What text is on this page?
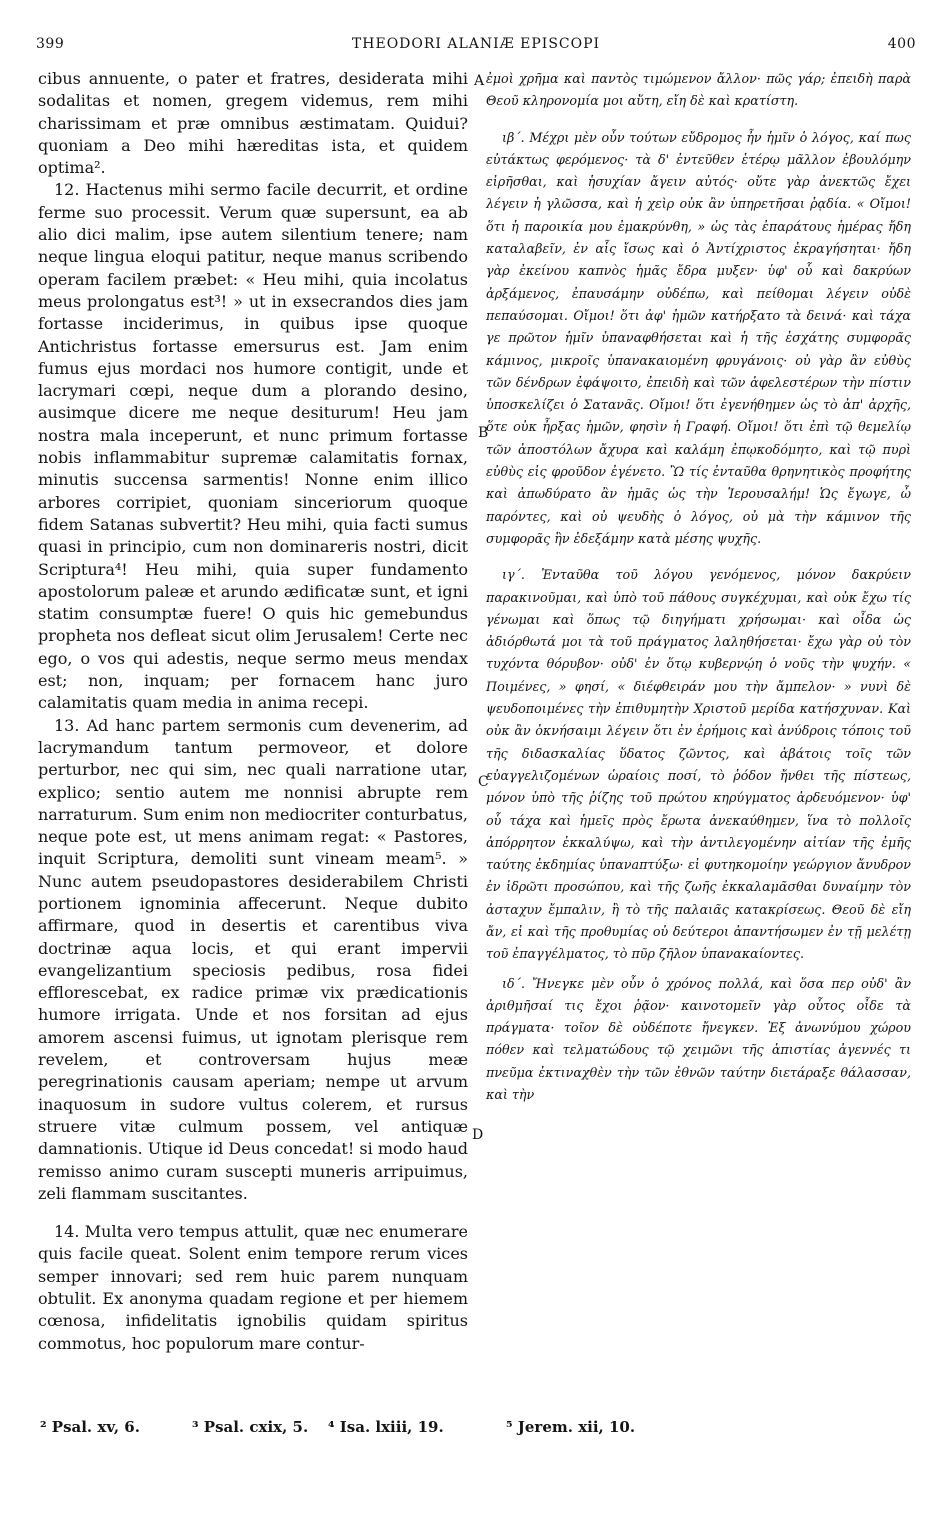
399	THEODORI ALANIÆ EPISCOPI	400
A
B
C
D

cibus annuente, o pater et fratres, desiderata mihi sodalitas et nomen, gregem videmus, rem mihi charissimam et præ omnibus æstimatam. Quidui? quoniam a Deo mihi hæreditas ista, et quidem optima².

12. Hactenus mihi sermo facile decurrit, et ordine ferme suo processit. Verum quæ supersunt, ea ab alio dici malim, ipse autem silentium tenere; nam neque lingua eloqui patitur, neque manus scribendo operam facilem præbet: « Heu mihi, quia incolatus meus prolongatus est³! » ut in exsecrandos dies jam fortasse inciderimus, in quibus ipse quoque Antichristus fortasse emersurus est. Jam enim fumus ejus mordaci nos humore contigit, unde et lacrymari cœpi, neque dum a plorando desino, ausimque dicere me neque desiturum! Heu jam nostra mala inceperunt, et nunc primum fortasse nobis inflammabitur supremæ calamitatis fornax, minutis succensa sarmentis! Nonne enim illico arbores corripiet, quoniam sinceriorum quoque fidem Satanas subvertit? Heu mihi, quia facti sumus quasi in principio, cum non dominareris nostri, dicit Scriptura⁴! Heu mihi, quia super fundamento apostolorum paleæ et arundo ædificatæ sunt, et igni statim consumptæ fuere! O quis hic gemebundus propheta nos defleat sicut olim Jerusalem! Certe nec ego, o vos qui adestis, neque sermo meus mendax est; non, inquam; per fornacem hanc juro calamitatis quam media in anima recepi.

13. Ad hanc partem sermonis cum devenerim, ad lacrymandum tantum permoveor, et dolore perturbor, nec qui sim, nec quali narratione utar, explico; sentio autem me nonnisi abrupte rem narraturum. Sum enim non mediocriter conturbatus, neque pote est, ut mens animam regat: « Pastores, inquit Scriptura, demoliti sunt vineam meam⁵. » Nunc autem pseudopastores desiderabilem Christi portionem ignominia affecerunt. Neque dubito affirmare, quod in desertis et carentibus viva doctrinæ aqua locis, et qui erant impervii evangelizantium speciosis pedibus, rosa fidei efflorescebat, ex radice primæ vix prædicationis humore irrigata. Unde et nos forsitan ad ejus amorem ascensi fuimus, ut ignotam plerisque rem revelem, et controversam hujus meæ peregrinationis causam aperiam; nempe ut arvum inaquosum in sudore vultus colerem, et rursus struere vitæ culmum possem, vel antiquæ damnationis. Utique id Deus concedat! si modo haud remisso animo curam suscepti muneris arripuimus, zeli flammam suscitantes.

14. Multa vero tempus attulit, quæ nec enumerare quis facile queat. Solent enim tempore rerum vices semper innovari; sed rem huic parem nunquam obtulit. Ex anonyma quadam regione et per hiemem cœnosa, infidelitatis ignobilis quidam spiritus commotus, hoc populorum mare contur-

ἐμοὶ χρῆμα καὶ παντὸς τιμώμενον ἄλλον· πῶς γάρ; ἐπειδὴ παρὰ Θεοῦ κληρονομία μοι αὕτη, εἴη δὲ καὶ κρατίστη.

ιβ΄. Μέχρι μὲν οὖν τούτων εὔδρομος ἦν ἡμῖν ὁ λόγος, καί πως εὐτάκτως φερόμενος· τὰ δ' ἐντεῦθεν ἑτέρῳ μᾶλλον ἐβουλόμην εἰρῆσθαι, καὶ ἡσυχίαν ἄγειν αὐτός· οὔτε γὰρ ἀνεκτῶς ἔχει λέγειν ἡ γλῶσσα, καὶ ἡ χεὶρ οὐκ ἂν ὑπηρετῆσαι ῥᾳδία. « Οἴμοι! ὅτι ἡ παροικία μου ἐμακρύνθη, » ὡς τὰς ἐπαράτους ἡμέρας ἤδη καταλαβεῖν, ἐν αἷς ἴσως καὶ ὁ Ἀντίχριστος ἐκραγήσηται· ἤδη γὰρ ἐκείνου καπνὸς ἡμᾶς ἔδρα μυξεν· ὑφ' οὗ καὶ δακρύων ἀρξάμενος, ἐπαυσάμην οὐδέπω, καὶ πείθομαι λέγειν οὐδὲ πεπαύσομαι. Οἴμοι! ὅτι ἀφ' ἡμῶν κατήρξατο τὰ δεινά· καὶ τάχα γε πρῶτον ἡμῖν ὑπαναφθήσεται καὶ ἡ τῆς ἐσχάτης συμφορᾶς κάμινος, μικροῖς ὑπανακαιομένη φρυγάνοις· οὐ γὰρ ἂν εὐθὺς τῶν δένδρων ἐφάψοιτο, ἐπειδὴ καὶ τῶν ἀφελεστέρων τὴν πίστιν ὑποσκελίζει ὁ Σατανᾶς. Οἴμοι! ὅτι ἐγενήθημεν ὡς τὸ ἀπ' ἀρχῆς, ὅτε οὐκ ἦρξας ἡμῶν, φησὶν ἡ Γραφή. Οἴμοι! ὅτι ἐπὶ τῷ θεμελίῳ τῶν ἀποστόλων ἄχυρα καὶ καλάμη ἐπῳκοδόμητο, καὶ τῷ πυρὶ εὐθὺς εἰς φροῦδον ἐγένετο. Ὢ τίς ἐνταῦθα θρηνητικὸς προφήτης καὶ ἀπωδύρατο ἂν ἡμᾶς ὡς τὴν Ἱερουσαλήμ! Ὡς ἔγωγε, ὦ παρόντες, καὶ οὐ ψευδὴς ὁ λόγος, οὐ μὰ τὴν κάμινον τῆς συμφορᾶς ἣν ἐδεξάμην κατὰ μέσης ψυχῆς.

ιγ΄. Ἐνταῦθα τοῦ λόγου γενόμενος, μόνον δακρύειν παρακινοῦμαι, καὶ ὑπὸ τοῦ πάθους συγκέχυμαι, καὶ οὐκ ἔχω τίς γένωμαι καὶ ὅπως τῷ διηγήματι χρήσωμαι· καὶ οἶδα ὡς ἀδιόρθωτά μοι τὰ τοῦ πράγματος λαληθήσεται· ἔχω γὰρ οὐ τὸν τυχόντα θόρυβον· οὐδ' ἐν ὅτῳ κυβερνῴη ὁ νοῦς τὴν ψυχήν. « Ποιμένες, » φησί, « διέφθειράν μου τὴν ἄμπελον· » νυνὶ δὲ ψευδοποιμένες τὴν ἐπιθυμητὴν Χριστοῦ μερίδα κατήσχυναν. Καὶ οὐκ ἂν ὀκνήσαιμι λέγειν ὅτι ἐν ἐρήμοις καὶ ἀνύδροις τόποις τοῦ τῆς διδασκαλίας ὕδατος ζῶντος, καὶ ἀβάτοις τοῖς τῶν εὐαγγελιζομένων ὡραίοις ποσί, τὸ ῥόδον ἤνθει τῆς πίστεως, μόνον ὑπὸ τῆς ῥίζης τοῦ πρώτου κηρύγματος ἀρδευόμενον· ὑφ' οὗ τάχα καὶ ἡμεῖς πρὸς ἔρωτα ἀνεκαύθημεν, ἵνα τὸ πολλοῖς ἀπόρρητον ἐκκαλύψω, καὶ τὴν ἀντιλεγομένην αἰτίαν τῆς ἐμῆς ταύτης ἐκδημίας ὑπανaπτύξω· εἰ φυτηκομοίην γεώργιον ἄνυδρον ἐν ἱδρῶτι προσώπου, καὶ τῆς ζωῆς ἐκκαλαμᾶσθαι δυναίμην τὸν ἀσταχυν ἔμπαλιν, ἢ τὸ τῆς παλαιᾶς κατακρίσεως. Θεοῦ δὲ εἴη ἄν, εἰ καὶ τῆς προθυμίας οὐ δεύτεροι ἀπαντήσωμεν ἐν τῇ μελέτῃ τοῦ ἐπαγγέλματος, τὸ πῦρ ζῆλον ὑπανακαίοντες.

ιδ΄. Ἤνεγκε μὲν οὖν ὁ χρόνος πολλά, καὶ ὅσα περ οὐδ' ἂν ἀριθμῆσαί τις ἔχοι ῥᾷον· καινοτομεῖν γὰρ οὗτος οἶδε τὰ πράγματα· τοῖον δὲ οὐδέποτε ἤνεγκεν. Ἐξ ἀνωνύμου χώρου πόθεν καὶ τελματώδους τῷ χειμῶνι τῆς ἀπιστίας ἀγεννές τι πνεῦμα ἐκτιναχθὲν τὴν τῶν ἐθνῶν ταύτην διετάραξε θάλασσαν, καὶ τὴν

² Psal. xv, 6.	³ Psal. cxix, 5. ⁴ Isa. lxiii, 19.	⁵ Jerem. xii, 10.
